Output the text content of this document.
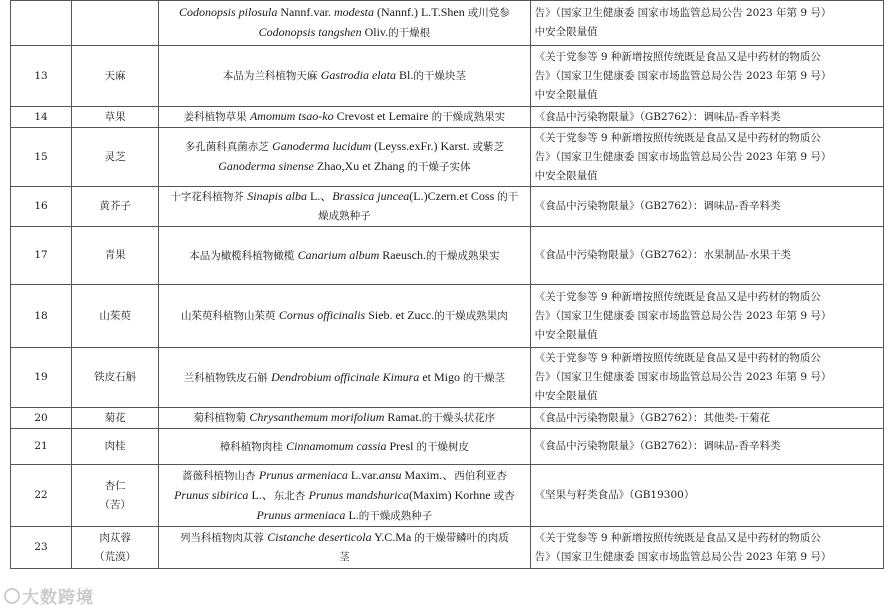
		Codonopsis pilosula Nannf.var. modesta (Nannf.) L.T.Shen 或川党参
Codonopsis tangshen Oliv.的干燥根	告》（国家卫生健康委 国家市场监管总局公告 2023 年第 9 号）
中安全限量值

13	天麻	本品为兰科植物天麻 Gastrodia elata Bl.的干燥块茎	《关于党参等 9 种新增按照传统既是食品又是中药材的物质公
告》（国家卫生健康委 国家市场监管总局公告 2023 年第 9 号）
中安全限量值

14	草果	姜科植物草果 Amomum tsao-ko Crevost et Lemaire 的干燥成熟果实	《食品中污染物限量》（GB2762）：调味品-香辛料类

15	灵芝	多孔菌科真菌赤芝 Ganoderma lucidum (Leyss.exFr.) Karst. 或紫芝
Ganoderma sinense Zhao,Xu et Zhang 的干燥子实体	《关于党参等 9 种新增按照传统既是食品又是中药材的物质公
告》（国家卫生健康委 国家市场监管总局公告 2023 年第 9 号）
中安全限量值

16	黄芥子	十字花科植物芥 Sinapis alba L.、Brassica juncea(L.)Czern.et Coss 的干
燥成熟种子	《食品中污染物限量》（GB2762）：调味品-香辛料类

17	青果	本品为橄榄科植物橄榄 Canarium album Raeusch.的干燥成熟果实	《食品中污染物限量》（GB2762）：水果制品-水果干类

18	山茱萸	山茱萸科植物山茱萸 Cornus officinalis Sieb. et Zucc.的干燥成熟果肉	《关于党参等 9 种新增按照传统既是食品又是中药材的物质公
告》（国家卫生健康委 国家市场监管总局公告 2023 年第 9 号）
中安全限量值

19	铁皮石斛	兰科植物铁皮石斛 Dendrobium officinale Kimura et Migo 的干燥茎	《关于党参等 9 种新增按照传统既是食品又是中药材的物质公
告》（国家卫生健康委 国家市场监管总局公告 2023 年第 9 号）
中安全限量值

20	菊花	菊科植物菊 Chrysanthemum morifolium Ramat.的干燥头状花序	《食品中污染物限量》（GB2762）：其他类-干菊花

21	肉桂	樟科植物肉桂 Cinnamomum cassia Presl 的干燥树皮	《食品中污染物限量》（GB2762）：调味品-香辛料类

22	杏仁
（苦）	蔷薇科植物山杏 Prunus armeniaca L.var.ansu Maxim.、西伯利亚杏
Prunus sibirica L.、东北杏 Prunus mandshurica(Maxim) Korhne 或杏
Prunus armeniaca L.的干燥成熟种子	《坚果与籽类食品》（GB19300）

23	肉苁蓉
（荒漠）	列当科植物肉苁蓉 Cistanche deserticola Y.C.Ma 的干燥带鳞叶的肉质
茎	《关于党参等 9 种新增按照传统既是食品又是中药材的物质公
告》（国家卫生健康委 国家市场监管总局公告 2023 年第 9 号）
大数跨境
